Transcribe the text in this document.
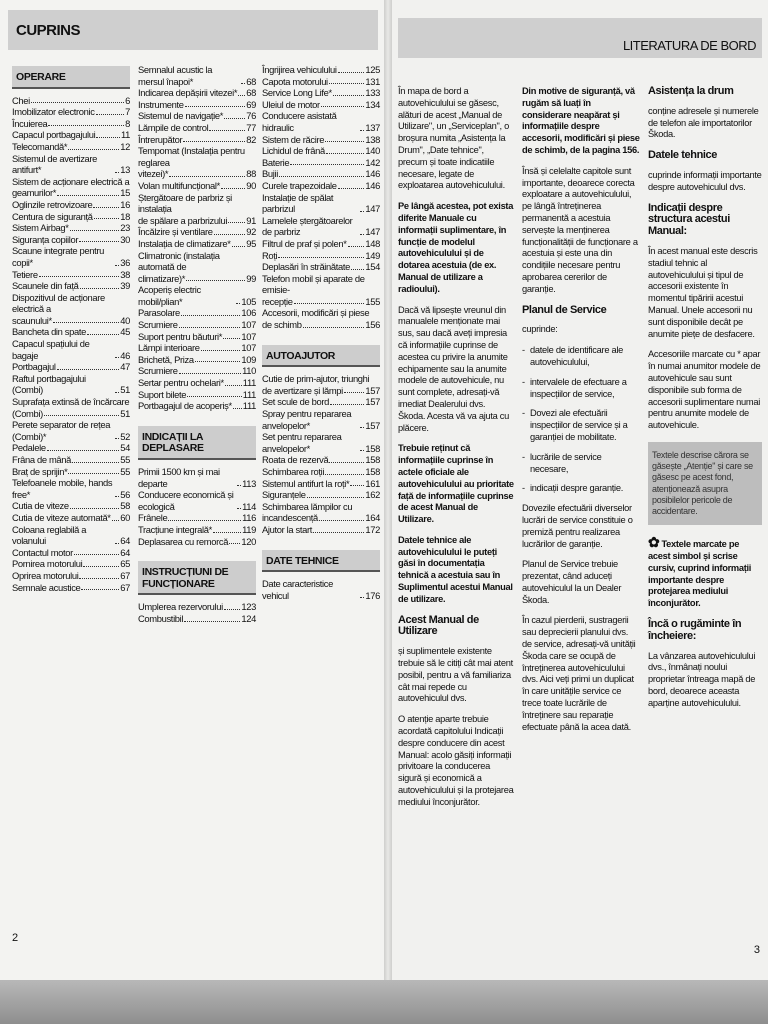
CUPRINS
OPERARE
Chei	6
Imobilizator electronic	7
Încuierea	8
Capacul portbagajului	11
Telecomandă*	12
Sistemul de avertizare antifurt*	13
Sistem de acționare electrică a
geamurilor*	15
Oglinzile retrovizoare	16
Centura de siguranță	18
Sistem Airbag*	23
Siguranța copiilor	30
Scaune integrate pentru copii*	36
Tetiere	38
Scaunele din față	39
Dispozitivul de acționare electrică a
scaunului*	40
Bancheta din spate	45
Capacul spațiului de bagaje	46
Portbagajul	47
Raftul portbagajului (Combi)	51
Suprafața extinsă de încărcare
(Combi)	51
Perete separator de rețea (Combi)*	52
Pedalele	54
Frâna de mână	55
Braț de sprijin*	55
Telefoanele mobile, hands free*	56
Cutia de viteze	58
Cutia de viteze automată* 60
Coloana reglabilă a volanului	64
Contactul motor	64
Pornirea motorului	65
Oprirea motorului	67
Semnale acustice	67
Semnalul acustic la mersul înapoi*	68
Indicarea depășirii vitezei* 68
Instrumente	69
Sistemul de navigație* 76
Lămpile de control	77
Întrerupător	82
Tempomat (Instalația pentru reglarea
vitezei)*	88
Volan multifuncțional*	90
Ștergătoare de parbriz și instalația
de spălare a parbrizului 91
Încălzire și ventilare	92
Instalația de climatizare* 95
Climatronic (instalația automată de
climatizare)*	99
Acoperiș electric mobil/plian*	105
Parasolare	106
Scrumiere	107
Suport pentru băuturi* 107
Lămpi interioare	107
Brichetă, Priza	109
Scrumiere	110
Sertar pentru ochelari* 111
Suport bilete	111
Portbagajul de acoperiș* 111
INDICAȚII LA DEPLASARE
Primii 1500 km și mai departe	113
Conducere economică și ecologică	114
Frânele	116
Tracțiune integrală*	119
Deplasarea cu remorcă 120
INSTRUCȚIUNI DE FUNCȚIONARE
Umplerea rezervorului 123
Combustibil	124
Îngrijirea vehiculului	125
Capota motorului	131
Service Long Life*	133
Uleiul de motor	134
Conducere asistată hidraulic	137
Sistem de răcire	138
Lichidul de frână	140
Baterie	142
Bujii	146
Curele trapezoidale	146
Instalație de spălat parbrizul	147
Lamelele ștergătoarelor de parbriz	147
Filtrul de praf și polen* 148
Roți	149
Deplasări în străinătate 154
Telefon mobil și aparate de emisie-
recepție	155
Accesorii, modificări și piese
de schimb	156
AUTOAJUTOR
Cutie de prim-ajutor, triunghi
de avertizare și lămpi 157
Set scule de bord	157
Spray pentru repararea anvelopelor*	157
Set pentru repararea anvelopelor*	158
Roata de rezervă	158
Schimbarea roții	158
Sistemul antifurt la roți* 161
Siguranțele	162
Schimbarea lămpilor cu
incandescență	164
Ajutor la start	172
DATE TEHNICE
Date caracteristice vehicul	176
2
LITERATURA DE BORD

În mapa de bord a autovehiculului se găsesc, alături de acest „Manual de Utilizare", un „Serviceplan", o broșura numita „Asistența la Drum", „Date tehnice", precum și toate indicatiile necesare, legate de exploatarea autovehiculului.

Pe lângă acestea, pot exista diferite Manuale cu informații suplimentare, în funcție de modelul autovehiculului și de dotarea acestuia (de ex. Manual de utilizare a radioului).

Dacă vă lipsește vreunul din manualele menționate mai sus, sau dacă aveți impresia că informațiile cuprinse de acestea cu privire la anumite echipamente sau la anumite modele de autovehicule, nu sunt complete, adresați-vă imediat Dealerului dvs. Škoda. Acesta vă va ajuta cu plăcere.

Trebuie reținut că informațiile cuprinse în actele oficiale ale autovehiculului au prioritate față de informațiile cuprinse de acest Manual de Utilizare.

Datele tehnice ale autovehiculului le puteți găsi în documentația tehnică a acestuia sau în Suplimentul acestui Manual de utilizare.

Acest Manual de Utilizare

și suplimentele existente trebuie să le citiți cât mai atent posibil, pentru a vă familiariza cât mai repede cu autovehiculul dvs.

O atenție aparte trebuie acordată capitolului Indicații despre conducere din acest Manual: acolo găsiți informații privitoare la conducerea sigură și economică a autovehiculului și la protejarea mediului înconjurător.

Din motive de siguranță, vă rugăm să luați în considerare neapărat și informațiile despre accesorii, modificări și piese de schimb, de la pagina 156.

Însă și celelalte capitole sunt importante, deoarece corecta exploatare a autovehiculului, pe lângă întreținerea permanentă a acestuia servește la menținerea funcționalității de funcționare a acestuia și este una din condițiile necesare pentru aprobarea cererilor de garanție.

Planul de Service

cuprinde:

- datele de identificare ale autovehiculului,
- intervalele de efectuare a inspecțiilor de service,
- Dovezi ale efectuării inspecțiilor de service și a garanției de mobilitate.
- lucrările de service necesare,
- indicații despre garanție.

Dovezile efectuării diverselor lucrări de service constituie o premiză pentru realizarea lucrărilor de garanție.

Planul de Service trebuie prezentat, când aduceți autovehiculul la un Dealer Škoda.

În cazul pierderii, sustragerii sau deprecierii planului dvs. de service, adresați-vă unității Škoda care se ocupă de întreținerea autovehiculului dvs. Aici veți primi un duplicat în care unitățile service ce trece toate lucrările de întreținere sau reparație efectuate până la acea dată.

Asistența la drum

conține adresele și numerele de telefon ale importatorilor Škoda.

Datele tehnice

cuprinde informații importante despre autovehiculul dvs.

Indicații despre structura acestui Manual:

În acest manual este descris stadiul tehnic al autovehiculului și tipul de accesorii existente în momentul tipăririi acestui Manual. Unele accesorii nu sunt disponibile decât pe anumite piețe de desfacere.

Accesoriile marcate cu * apar în numai anumitor modele de autovehicule sau sunt disponibile sub forma de accesorii suplimentare numai pentru anumite modele de autovehicule.

Textele descrise cărora se găsește „Atenție" și care se găsesc pe acest fond, atenționează asupra posibilelor pericole de accidentare.

✿ Textele marcate pe acest simbol și scrise cursiv, cuprind informații importante despre protejarea mediului înconjurător.

Încă o rugăminte în încheiere:

La vânzarea autovehiculului dvs., înmânați noului proprietar întreaga mapă de bord, deoarece aceasta aparține autovehiculului.

3
